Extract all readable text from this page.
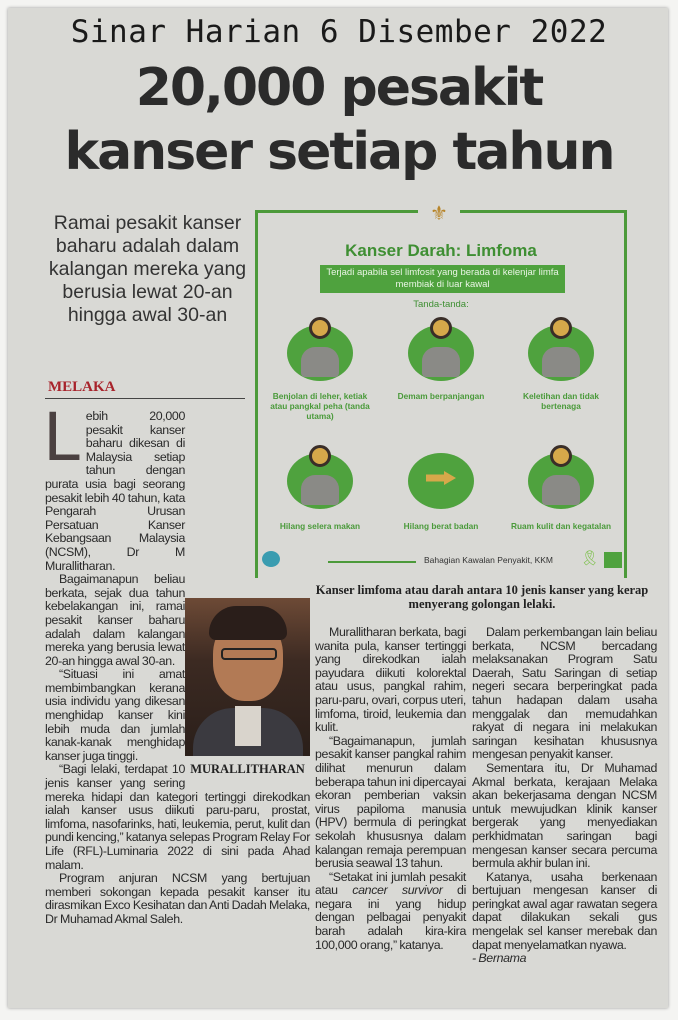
Sinar Harian 6 Disember 2022
20,000 pesakit
kanser setiap tahun
Ramai pesakit kanser baharu adalah dalam kalangan mereka yang berusia lewat 20-an hingga awal 30-an
MELAKA
MURALLITHARAN
L ebih 20,000 pesakit kanser baharu dikesan di Malaysia setiap tahun dengan purata usia bagi seorang pesakit lebih 40 tahun, kata Pengarah Urusan Persatuan Kanser Kebangsaan Malaysia (NCSM), Dr M Murallitharan.

Bagaimanapun beliau berkata, sejak dua tahun kebelakangan ini, ramai pesakit kanser baharu adalah dalam kalangan mereka yang berusia lewat 20-an hingga awal 30-an.

“Situasi ini amat membimbangkan kerana usia individu yang dikesan menghidap kanser kini lebih muda dan jumlah kanak-kanak menghidap kanser juga tinggi.

“Bagi lelaki, terdapat 10 jenis kanser yang sering mereka hidapi dan kategori tertinggi direkodkan ialah kanser usus diikuti paru-paru, prostat, limfoma, nasofarinks, hati, leukemia, perut, kulit dan pundi kencing,” katanya selepas Program Relay For Life (RFL)-Luminaria 2022 di sini pada Ahad malam.

Program anjuran NCSM yang bertujuan memberi sokongan kepada pesakit kanser itu dirasmikan Exco Kesihatan dan Anti Dadah Melaka, Dr Muhamad Akmal Saleh.

Murallitharan berkata, bagi wanita pula, kanser tertinggi yang direkodkan ialah payudara diikuti kolorektal atau usus, pangkal rahim, paru-paru, ovari, corpus uteri, limfoma, tiroid, leukemia dan kulit.

“Bagaimanapun, jumlah pesakit kanser pangkal rahim dilihat menurun dalam beberapa tahun ini dipercayai ekoran pemberian vaksin virus papiloma manusia (HPV) bermula di peringkat sekolah khususnya dalam kalangan remaja perempuan berusia seawal 13 tahun.

“Setakat ini jumlah pesakit atau cancer survivor di negara ini yang hidup dengan pelbagai penyakit barah adalah kira-kira 100,000 orang,” katanya.

Dalam perkembangan lain beliau berkata, NCSM bercadang melaksanakan Program Satu Daerah, Satu Saringan di setiap negeri secara berperingkat pada tahun hadapan dalam usaha menggalak dan memudahkan rakyat di negara ini melakukan saringan kesihatan khususnya mengesan penyakit kanser.

Sementara itu, Dr Muhamad Akmal berkata, kerajaan Melaka akan bekerjasama dengan NCSM untuk mewujudkan klinik kanser bergerak yang menyediakan perkhidmatan saringan bagi mengesan kanser secara percuma bermula akhir bulan ini.

Katanya, usaha berkenaan bertujuan mengesan kanser di peringkat awal agar rawatan segera dapat dilakukan sekali gus mengelak sel kanser merebak dan dapat menyelamatkan nyawa.

- Bernama

⚜
Kanser Darah: Limfoma
Terjadi apabila sel limfosit yang berada di kelenjar limfa membiak di luar kawal
Tanda-tanda:
Benjolan di leher, ketiak atau pangkal peha (tanda utama)
Demam berpanjangan	Keletihan dan tidak bertenaga
Hilang selera makan	Hilang berat badan	Ruam kulit dan kegatalan
Bahagian Kawalan Penyakit, KKM 🎗
Kanser limfoma atau darah antara 10 jenis kanser yang kerap menyerang golongan lelaki.
